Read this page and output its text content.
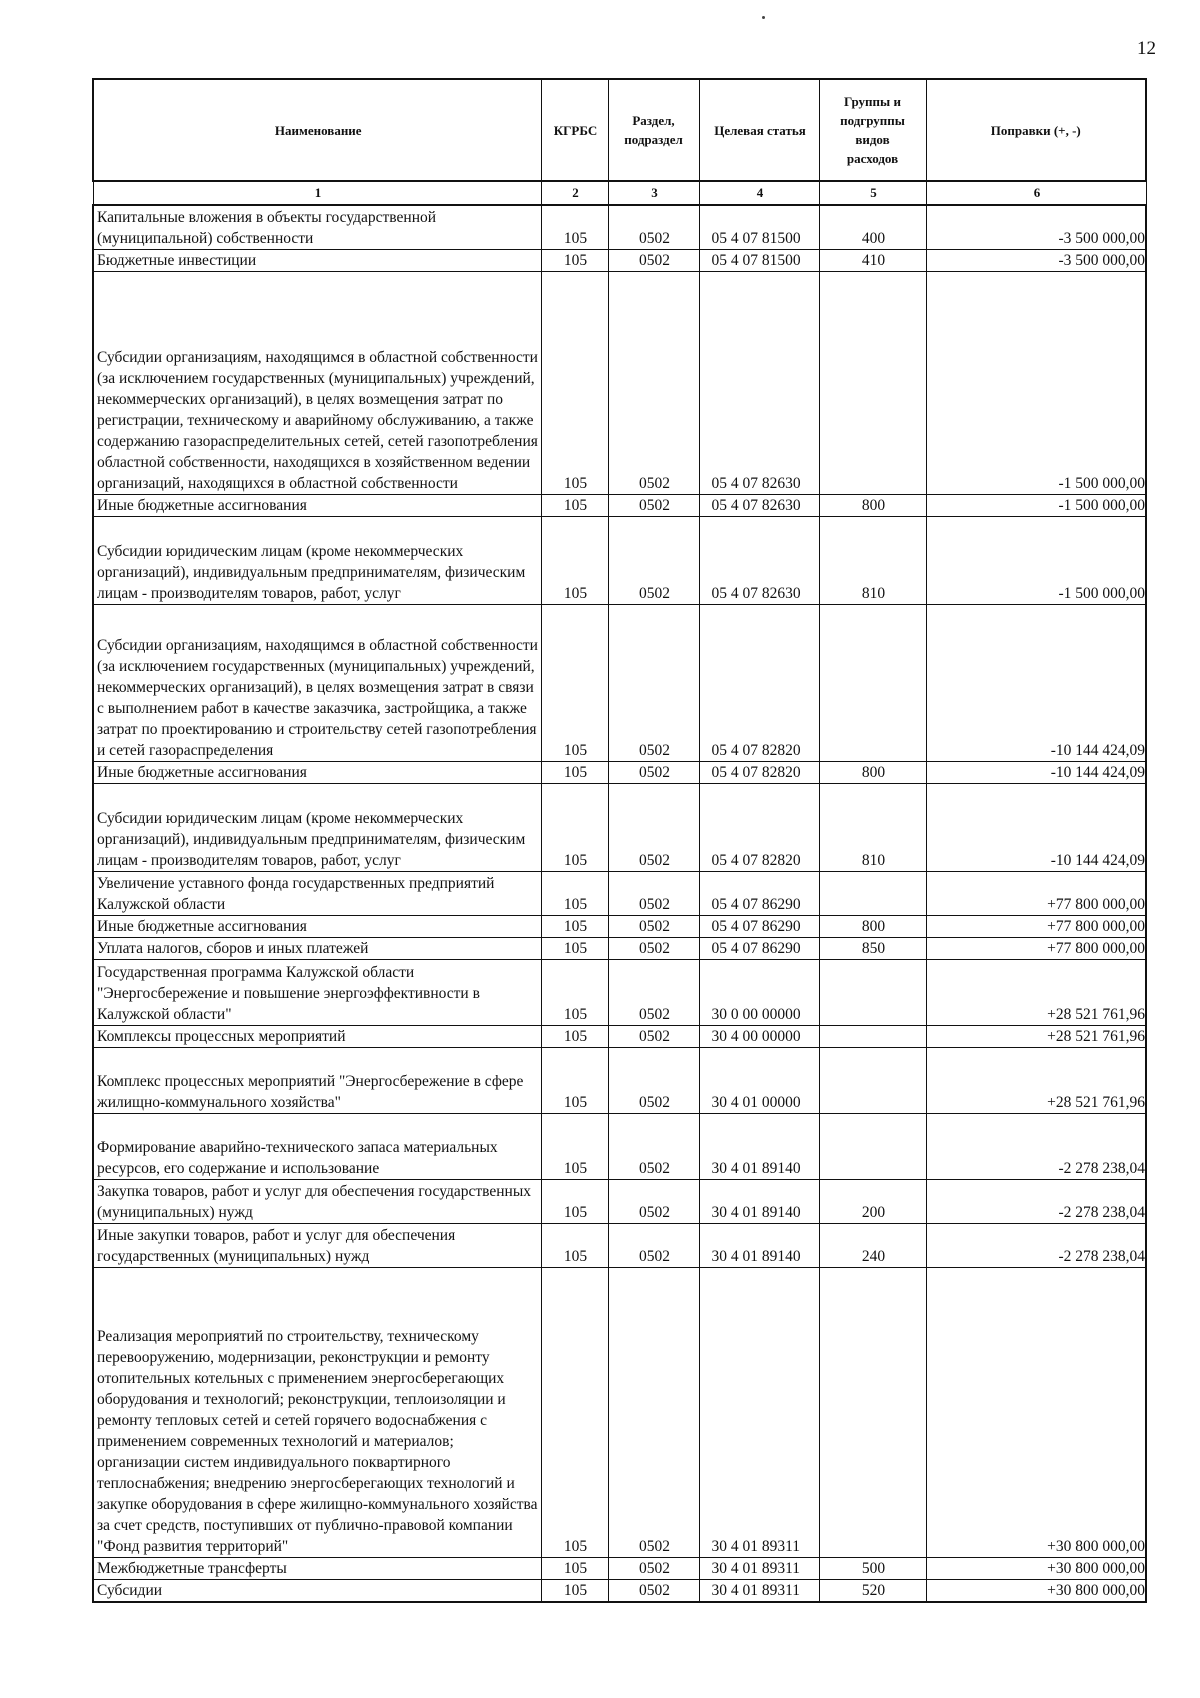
12
Наименование	КГРБС	Раздел, подраздел	Целевая статья	Группы и подгруппы видов расходов	Поправки (+, -)
1	2	3	4	5	6
Капитальные вложения в объекты государственной (муниципальной) собственности	105	0502	05 4 07 81500	400	-3 500 000,00
Бюджетные инвестиции	105	0502	05 4 07 81500	410	-3 500 000,00
Субсидии организациям, находящимся в областной собственности (за исключением государственных (муниципальных) учреждений, некоммерческих организаций), в целях возмещения затрат по регистрации, техническому и аварийному обслуживанию, а также содержанию газораспределительных сетей, сетей газопотребления областной собственности, находящихся в хозяйственном ведении организаций, находящихся в областной собственности	105	0502	05 4 07 82630		-1 500 000,00
Иные бюджетные ассигнования	105	0502	05 4 07 82630	800	-1 500 000,00
Субсидии юридическим лицам (кроме некоммерческих организаций), индивидуальным предпринимателям, физическим лицам - производителям товаров, работ, услуг	105	0502	05 4 07 82630	810	-1 500 000,00
Субсидии организациям, находящимся в областной собственности (за исключением государственных (муниципальных) учреждений, некоммерческих организаций), в целях возмещения затрат в связи с выполнением работ в качестве заказчика, застройщика, а также затрат по проектированию и строительству сетей газопотребления и сетей газораспределения	105	0502	05 4 07 82820		-10 144 424,09
Иные бюджетные ассигнования	105	0502	05 4 07 82820	800	-10 144 424,09
Субсидии юридическим лицам (кроме некоммерческих организаций), индивидуальным предпринимателям, физическим лицам - производителям товаров, работ, услуг	105	0502	05 4 07 82820	810	-10 144 424,09
Увеличение уставного фонда государственных предприятий Калужской области	105	0502	05 4 07 86290		+77 800 000,00
Иные бюджетные ассигнования	105	0502	05 4 07 86290	800	+77 800 000,00
Уплата налогов, сборов и иных платежей	105	0502	05 4 07 86290	850	+77 800 000,00
Государственная программа Калужской области "Энергосбережение и повышение энергоэффективности в Калужской области"	105	0502	30 0 00 00000		+28 521 761,96
Комплексы процессных мероприятий	105	0502	30 4 00 00000		+28 521 761,96
Комплекс процессных мероприятий "Энергосбережение в сфере жилищно-коммунального хозяйства"	105	0502	30 4 01 00000		+28 521 761,96
Формирование аварийно-технического запаса материальных ресурсов, его содержание и использование	105	0502	30 4 01 89140		-2 278 238,04
Закупка товаров, работ и услуг для обеспечения государственных (муниципальных) нужд	105	0502	30 4 01 89140	200	-2 278 238,04
Иные закупки товаров, работ и услуг для обеспечения государственных (муниципальных) нужд	105	0502	30 4 01 89140	240	-2 278 238,04
Реализация мероприятий по строительству, техническому перевооружению, модернизации, реконструкции и ремонту отопительных котельных с применением энергосберегающих оборудования и технологий; реконструкции, теплоизоляции и ремонту тепловых сетей и сетей горячего водоснабжения с применением современных технологий и материалов; организации систем индивидуального поквартирного теплоснабжения; внедрению энергосберегающих технологий и закупке оборудования в сфере жилищно-коммунального хозяйства за счет средств, поступивших от публично-правовой компании "Фонд развития территорий"	105	0502	30 4 01 89311		+30 800 000,00
Межбюджетные трансферты	105	0502	30 4 01 89311	500	+30 800 000,00
Субсидии	105	0502	30 4 01 89311	520	+30 800 000,00
